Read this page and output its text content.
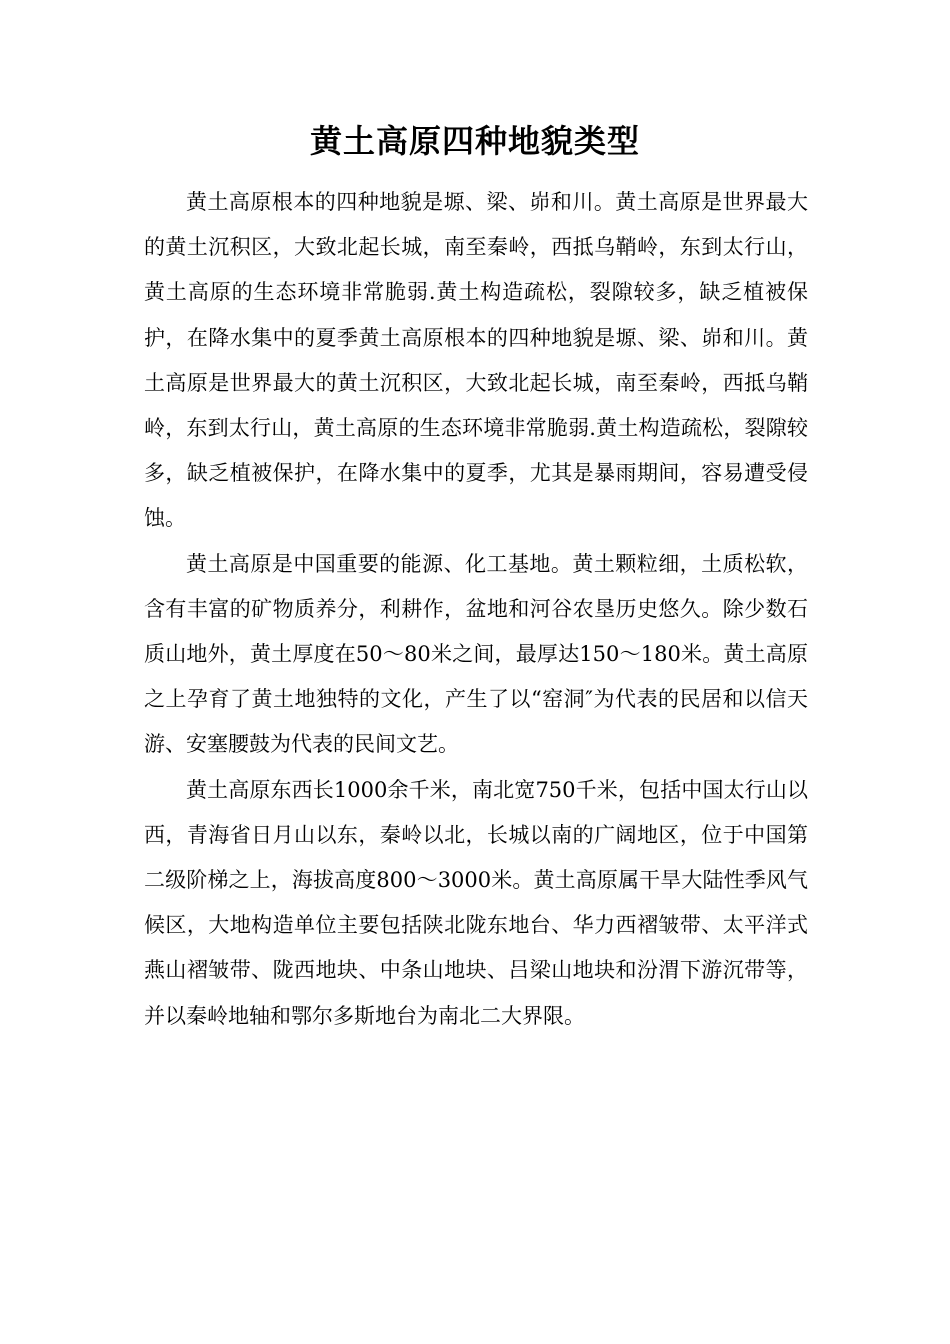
黄土高原四种地貌类型

黄土高原根本的四种地貌是塬、梁、峁和川。黄土高原是世界最大的黄土沉积区，大致北起长城，南至秦岭，西抵乌鞘岭，东到太行山，黄土高原的生态环境非常脆弱.黄土构造疏松，裂隙较多，缺乏植被保护，在降水集中的夏季黄土高原根本的四种地貌是塬、梁、峁和川。黄土高原是世界最大的黄土沉积区，大致北起长城，南至秦岭，西抵乌鞘岭，东到太行山，黄土高原的生态环境非常脆弱.黄土构造疏松，裂隙较多，缺乏植被保护，在降水集中的夏季，尤其是暴雨期间，容易遭受侵蚀。

黄土高原是中国重要的能源、化工基地。黄土颗粒细，土质松软，含有丰富的矿物质养分，利耕作，盆地和河谷农垦历史悠久。除少数石质山地外，黄土厚度在50～80米之间，最厚达150～180米。黄土高原之上孕育了黄土地独特的文化，产生了以“窑洞″为代表的民居和以信天游、安塞腰鼓为代表的民间文艺。

黄土高原东西长1000余千米，南北宽750千米，包括中国太行山以西，青海省日月山以东，秦岭以北，长城以南的广阔地区，位于中国第二级阶梯之上，海拔高度800～3000米。黄土高原属干旱大陆性季风气候区，大地构造单位主要包括陕北陇东地台、华力西褶皱带、太平洋式燕山褶皱带、陇西地块、中条山地块、吕梁山地块和汾渭下游沉带等，并以秦岭地轴和鄂尔多斯地台为南北二大界限。
